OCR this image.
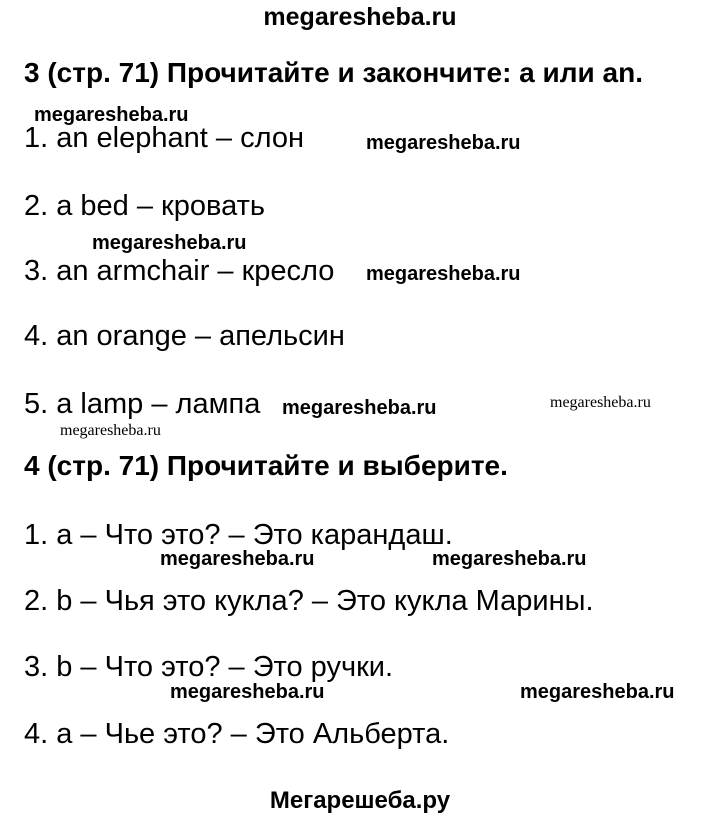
megaresheba.ru
3 (стр. 71) Прочитайте и закончите: a или an.
megaresheba.ru
1. an elephant – слон	megaresheba.ru
2. a bed – кровать
megaresheba.ru
3. an armchair – кресло megaresheba.ru
4. an orange – апельсин
5. a lamp – лампа megaresheba.ru	megaresheba.ru
megaresheba.ru
4 (стр. 71) Прочитайте и выберите.
1. a – Что это? – Это карандаш.
megaresheba.ru	megaresheba.ru
2. b – Чья это кукла? – Это кукла Марины.
3. b – Что это? – Это ручки.
megaresheba.ru	megaresheba.ru
4. a – Чье это? – Это Альберта.
Мегарешеба.ру
